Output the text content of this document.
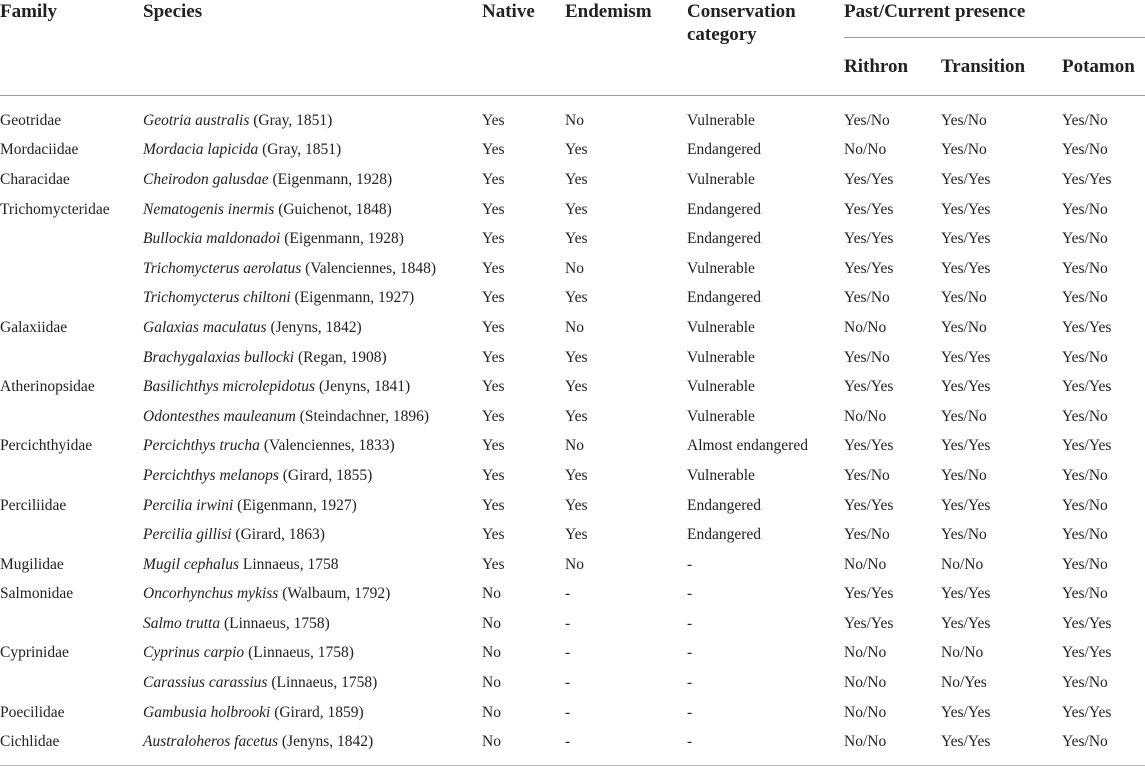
Family	Species	Native	Endemism	Conservation category	Past/Current presence		
					Rithron	Transition	Potamon
Geotridae	Geotria australis (Gray, 1851)	Yes	No	Vulnerable	Yes/No	Yes/No	Yes/No
Mordaciidae	Mordacia lapicida (Gray, 1851)	Yes	Yes	Endangered	No/No	Yes/No	Yes/No
Characidae	Cheirodon galusdae (Eigenmann, 1928)	Yes	Yes	Vulnerable	Yes/Yes	Yes/Yes	Yes/Yes
Trichomycteridae	Nematogenis inermis (Guichenot, 1848)	Yes	Yes	Endangered	Yes/Yes	Yes/Yes	Yes/No
	Bullockia maldonadoi (Eigenmann, 1928)	Yes	Yes	Endangered	Yes/Yes	Yes/Yes	Yes/No
	Trichomycterus aerolatus (Valenciennes, 1848)	Yes	No	Vulnerable	Yes/Yes	Yes/Yes	Yes/No
	Trichomycterus chiltoni (Eigenmann, 1927)	Yes	Yes	Endangered	Yes/No	Yes/No	Yes/No
Galaxiidae	Galaxias maculatus (Jenyns, 1842)	Yes	No	Vulnerable	No/No	Yes/No	Yes/Yes
	Brachygalaxias bullocki (Regan, 1908)	Yes	Yes	Vulnerable	Yes/No	Yes/Yes	Yes/No
Atherinopsidae	Basilichthys microlepidotus (Jenyns, 1841)	Yes	Yes	Vulnerable	Yes/Yes	Yes/Yes	Yes/Yes
	Odontesthes mauleanum (Steindachner, 1896)	Yes	Yes	Vulnerable	No/No	Yes/No	Yes/No
Percichthyidae	Percichthys trucha (Valenciennes, 1833)	Yes	No	Almost endangered	Yes/Yes	Yes/Yes	Yes/Yes
	Percichthys melanops (Girard, 1855)	Yes	Yes	Vulnerable	Yes/No	Yes/No	Yes/No
Perciliidae	Percilia irwini (Eigenmann, 1927)	Yes	Yes	Endangered	Yes/Yes	Yes/Yes	Yes/No
	Percilia gillisi (Girard, 1863)	Yes	Yes	Endangered	Yes/No	Yes/No	Yes/No
Mugilidae	Mugil cephalus Linnaeus, 1758	Yes	No	-	No/No	No/No	Yes/No
Salmonidae	Oncorhynchus mykiss (Walbaum, 1792)	No	-	-	Yes/Yes	Yes/Yes	Yes/No
	Salmo trutta (Linnaeus, 1758)	No	-	-	Yes/Yes	Yes/Yes	Yes/Yes
Cyprinidae	Cyprinus carpio (Linnaeus, 1758)	No	-	-	No/No	No/No	Yes/Yes
	Carassius carassius (Linnaeus, 1758)	No	-	-	No/No	No/Yes	Yes/No
Poecilidae	Gambusia holbrooki (Girard, 1859)	No	-	-	No/No	Yes/Yes	Yes/Yes
Cichlidae	Australoheros facetus (Jenyns, 1842)	No	-	-	No/No	Yes/Yes	Yes/No
